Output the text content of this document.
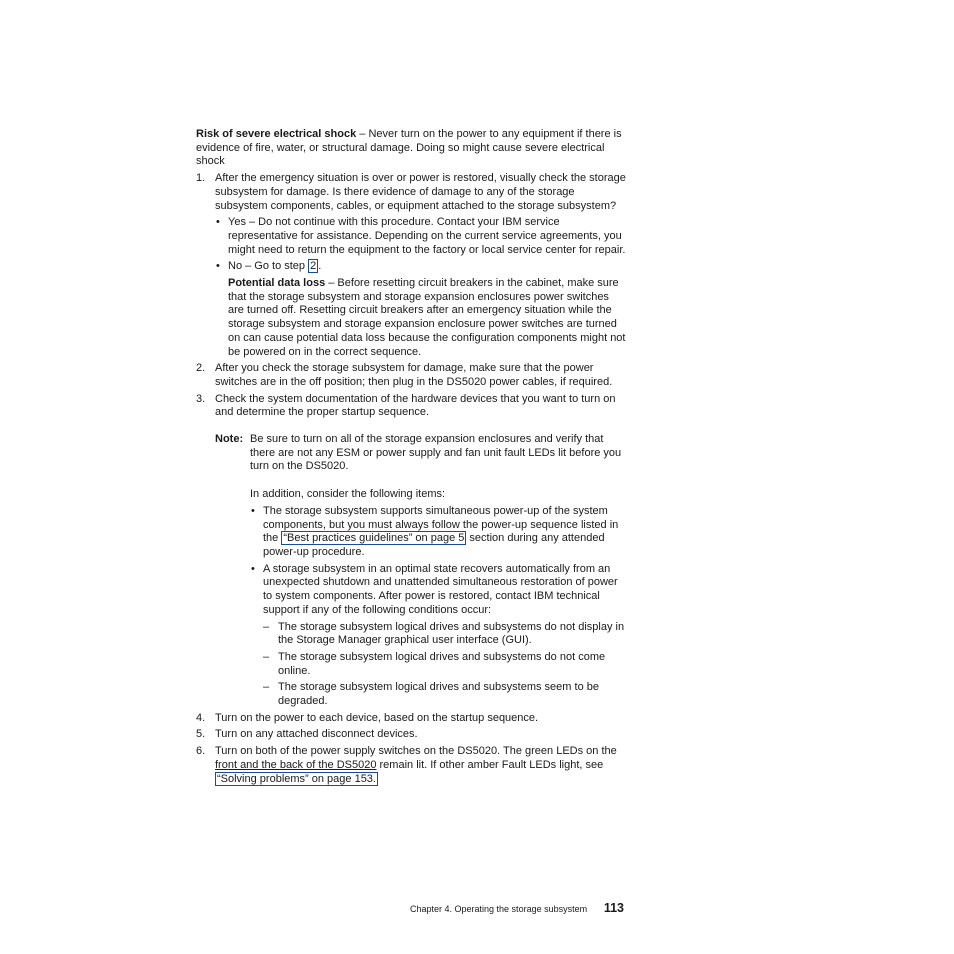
Risk of severe electrical shock – Never turn on the power to any equipment if there is evidence of fire, water, or structural damage. Doing so might cause severe electrical shock

1. After the emergency situation is over or power is restored, visually check the storage subsystem for damage. Is there evidence of damage to any of the storage subsystem components, cables, or equipment attached to the storage subsystem?

• Yes – Do not continue with this procedure. Contact your IBM service representative for assistance. Depending on the current service agreements, you might need to return the equipment to the factory or local service center for repair.

• No – Go to step 2 .

Potential data loss – Before resetting circuit breakers in the cabinet, make sure that the storage subsystem and storage expansion enclosures power switches are turned off. Resetting circuit breakers after an emergency situation while the storage subsystem and storage expansion enclosure power switches are turned on can cause potential data loss because the configuration components might not be powered on in the correct sequence.

2. After you check the storage subsystem for damage, make sure that the power switches are in the off position; then plug in the DS5020 power cables, if required.

3. Check the system documentation of the hardware devices that you want to turn on and determine the proper startup sequence.

Note: Be sure to turn on all of the storage expansion enclosures and verify that there are not any ESM or power supply and fan unit fault LEDs lit before you turn on the DS5020.

In addition, consider the following items:

• The storage subsystem supports simultaneous power-up of the system components, but you must always follow the power-up sequence listed in the “Best practices guidelines” on page 5 section during any attended power-up procedure.

• A storage subsystem in an optimal state recovers automatically from an unexpected shutdown and unattended simultaneous restoration of power to system components. After power is restored, contact IBM technical support if any of the following conditions occur:

– The storage subsystem logical drives and subsystems do not display in the Storage Manager graphical user interface (GUI).

– The storage subsystem logical drives and subsystems do not come online.

– The storage subsystem logical drives and subsystems seem to be degraded.

4. Turn on the power to each device, based on the startup sequence.

5. Turn on any attached disconnect devices.

6. Turn on both of the power supply switches on the DS5020. The green LEDs on the front and the back of the DS5020 remain lit. If other amber Fault LEDs light, see “Solving problems” on page 153.

Chapter 4. Operating the storage subsystem 113
